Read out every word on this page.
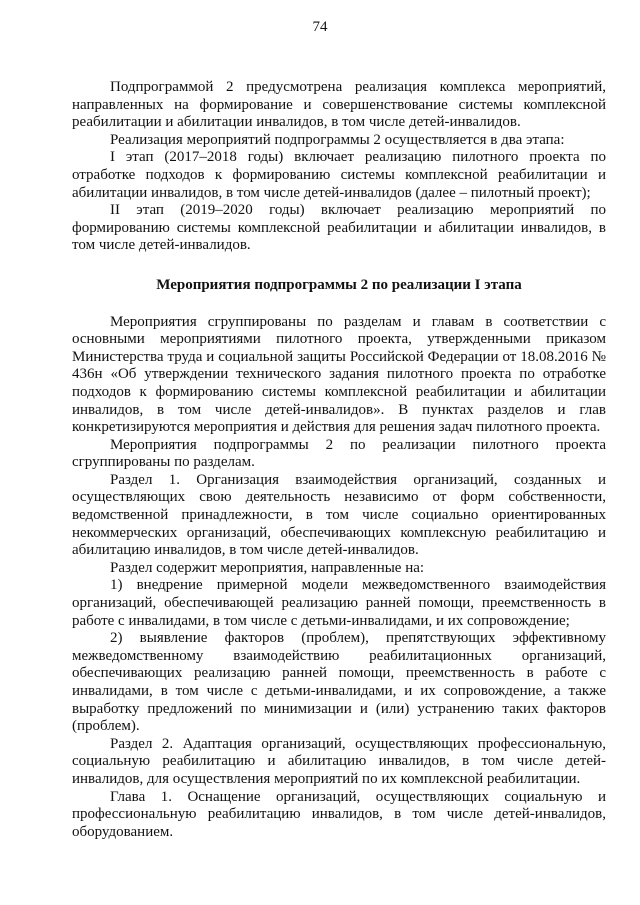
74

Подпрограммой 2 предусмотрена реализация комплекса мероприятий, направленных на формирование и совершенствование системы комплексной реабилитации и абилитации инвалидов, в том числе детей-инвалидов.

Реализация мероприятий подпрограммы 2 осуществляется в два этапа:

I этап (2017–2018 годы) включает реализацию пилотного проекта по отработке подходов к формированию системы комплексной реабилитации и абилитации инвалидов, в том числе детей-инвалидов (далее – пилотный проект);

II этап (2019–2020 годы) включает реализацию мероприятий по формированию системы комплексной реабилитации и абилитации инвалидов, в том числе детей-инвалидов.

Мероприятия подпрограммы 2 по реализации I этапа

Мероприятия сгруппированы по разделам и главам в соответствии с основными мероприятиями пилотного проекта, утвержденными приказом Министерства труда и социальной защиты Российской Федерации от 18.08.2016 № 436н «Об утверждении технического задания пилотного проекта по отработке подходов к формированию системы комплексной реабилитации и абилитации инвалидов, в том числе детей-инвалидов». В пунктах разделов и глав конкретизируются мероприятия и действия для решения задач пилотного проекта.

Мероприятия подпрограммы 2 по реализации пилотного проекта сгруппированы по разделам.

Раздел 1. Организация взаимодействия организаций, созданных и осуществляющих свою деятельность независимо от форм собственности, ведомственной принадлежности, в том числе социально ориентированных некоммерческих организаций, обеспечивающих комплексную реабилитацию и абилитацию инвалидов, в том числе детей-инвалидов.

Раздел содержит мероприятия, направленные на:

1) внедрение примерной модели межведомственного взаимодействия организаций, обеспечивающей реализацию ранней помощи, преемственность в работе с инвалидами, в том числе с детьми-инвалидами, и их сопровождение;

2) выявление факторов (проблем), препятствующих эффективному межведомственному взаимодействию реабилитационных организаций, обеспечивающих реализацию ранней помощи, преемственность в работе с инвалидами, в том числе с детьми-инвалидами, и их сопровождение, а также выработку предложений по минимизации и (или) устранению таких факторов (проблем).

Раздел 2. Адаптация организаций, осуществляющих профессиональную, социальную реабилитацию и абилитацию инвалидов, в том числе детей-инвалидов, для осуществления мероприятий по их комплексной реабилитации.

Глава 1. Оснащение организаций, осуществляющих социальную и профессиональную реабилитацию инвалидов, в том числе детей-инвалидов, оборудованием.
